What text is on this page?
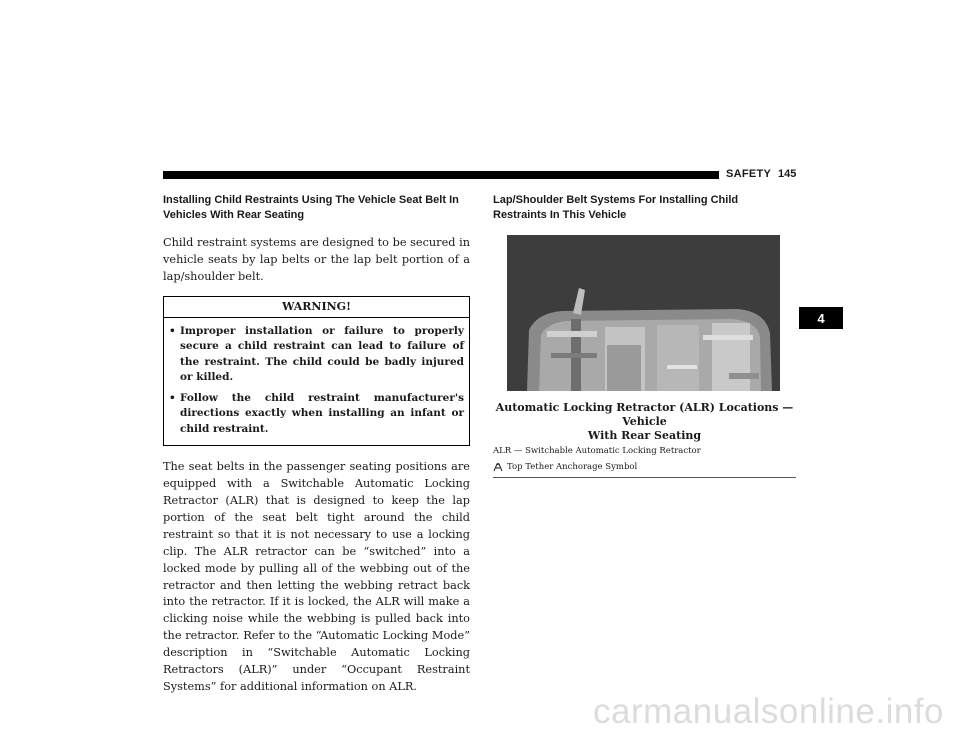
SAFETY 145
4

Installing Child Restraints Using The Vehicle Seat Belt In
Vehicles With Rear Seating

Child restraint systems are designed to be secured in vehicle seats by lap belts or the lap belt portion of a lap/shoulder belt.

WARNING!
• Improper installation or failure to properly secure a child restraint can lead to failure of the restraint. The child could be badly injured or killed.
• Follow the child restraint manufacturer's directions exactly when installing an infant or child restraint.

The seat belts in the passenger seating positions are equipped with a Switchable Automatic Locking Retractor (ALR) that is designed to keep the lap portion of the seat belt tight around the child restraint so that it is not necessary to use a locking clip. The ALR retractor can be “switched” into a locked mode by pulling all of the webbing out of the retractor and then letting the webbing retract back into the retractor. If it is locked, the ALR will make a clicking noise while the webbing is pulled back into the retractor. Refer to the “Automatic Locking Mode” description in “Switchable Automatic Locking Retractors (ALR)” under “Occupant Restraint Systems” for additional information on ALR.

Lap/Shoulder Belt Systems For Installing Child
Restraints In This Vehicle

Automatic Locking Retractor (ALR) Locations — Vehicle
With Rear Seating
ALR — Switchable Automatic Locking Retractor
Top Tether Anchorage Symbol
carmanualsonline.info
